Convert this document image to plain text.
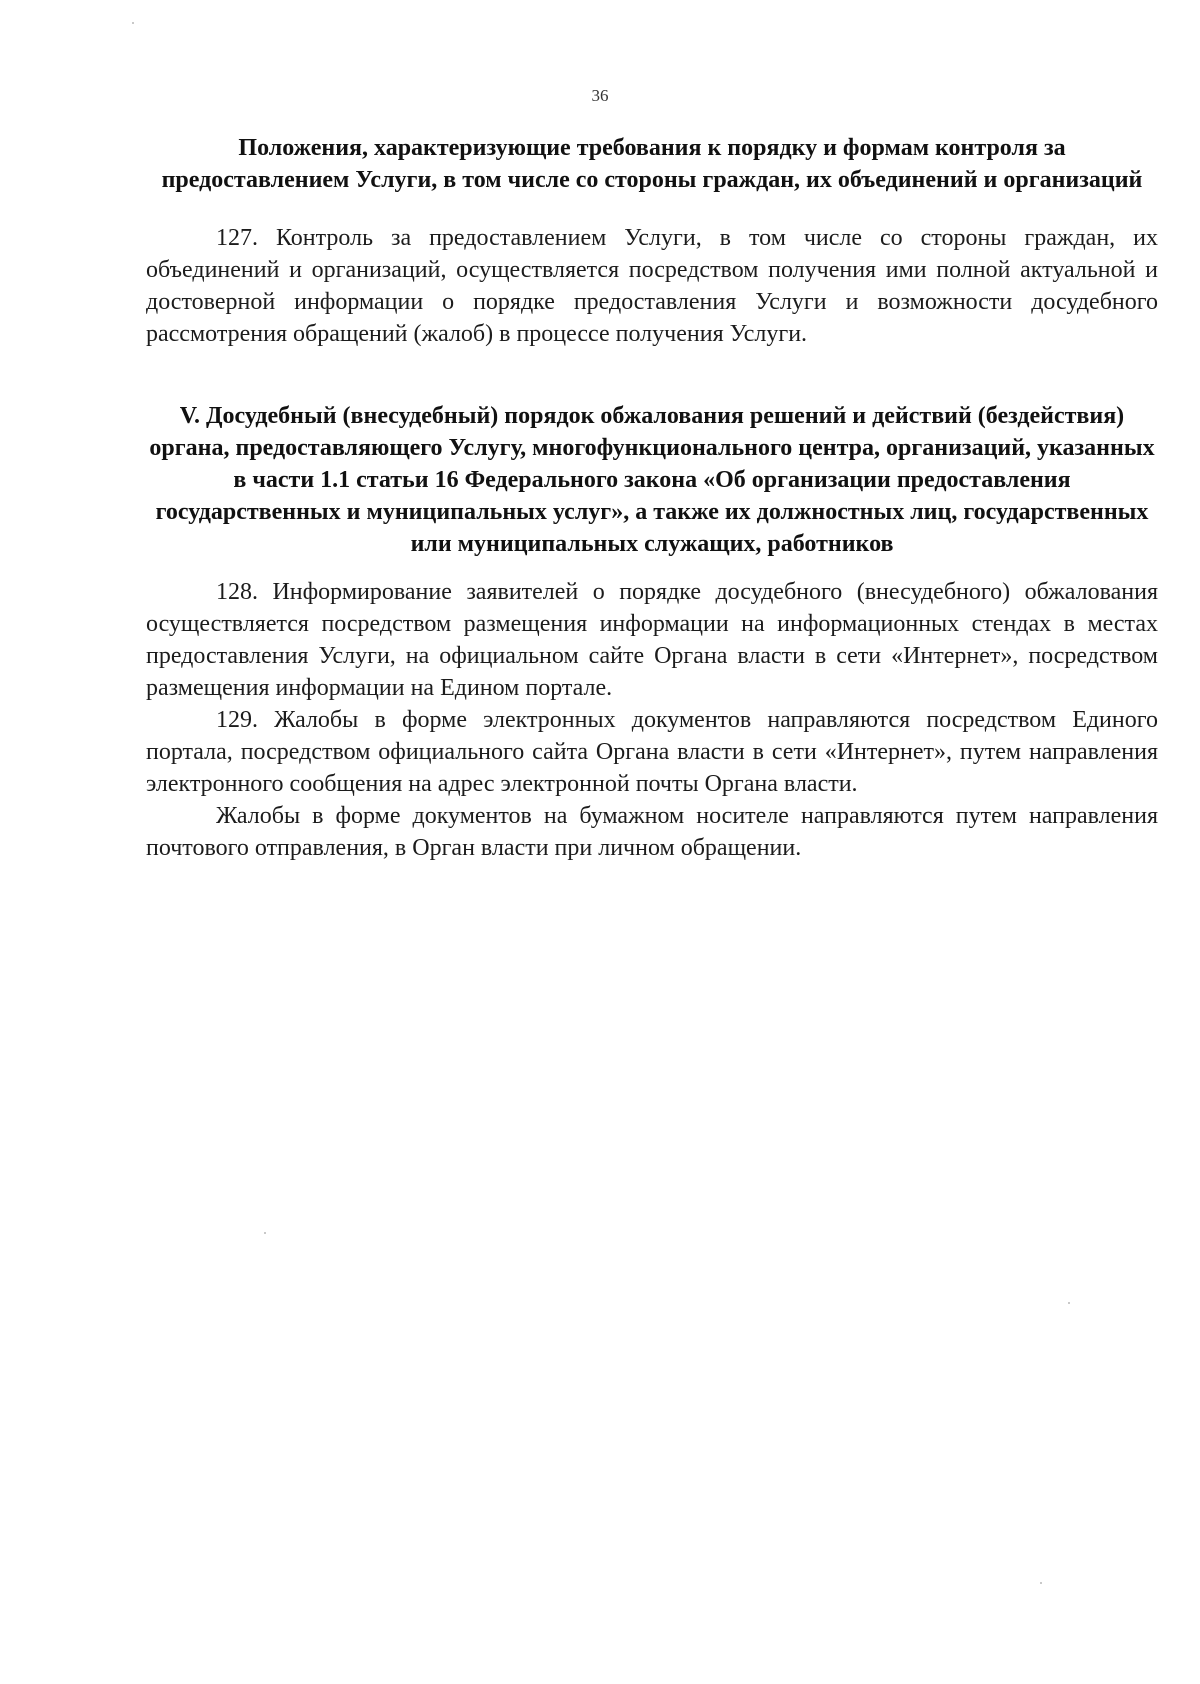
36

Положения, характеризующие требования к порядку и формам контроля за предоставлением Услуги, в том числе со стороны граждан, их объединений и организаций

127. Контроль за предоставлением Услуги, в том числе со стороны граждан, их объединений и организаций, осуществляется посредством получения ими полной актуальной и достоверной информации о порядке предоставления Услуги и возможности досудебного рассмотрения обращений (жалоб) в процессе получения Услуги.

V. Досудебный (внесудебный) порядок обжалования решений и действий (бездействия) органа, предоставляющего Услугу, многофункционального центра, организаций, указанных в части 1.1 статьи 16 Федерального закона «Об организации предоставления государственных и муниципальных услуг», а также их должностных лиц, государственных или муниципальных служащих, работников

128. Информирование заявителей о порядке досудебного (внесудебного) обжалования осуществляется посредством размещения информации на информационных стендах в местах предоставления Услуги, на официальном сайте Органа власти в сети «Интернет», посредством размещения информации на Едином портале.

129. Жалобы в форме электронных документов направляются посредством Единого портала, посредством официального сайта Органа власти в сети «Интернет», путем направления электронного сообщения на адрес электронной почты Органа власти.

Жалобы в форме документов на бумажном носителе направляются путем направления почтового отправления, в Орган власти при личном обращении.
